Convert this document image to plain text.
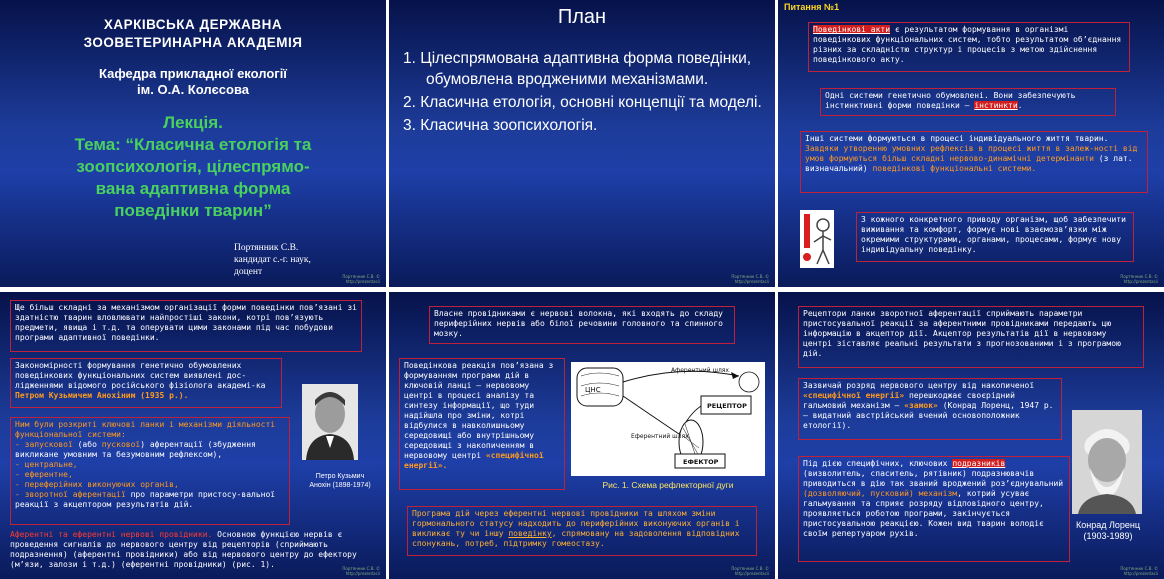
ХАРКІВСЬКА ДЕРЖАВНА
ЗООВЕТЕРИНАРНА АКАДЕМІЯ
Кафедра прикладної екології
ім. О.А. Колєсова
Лекція.
Тема: “Класична етологія та
зоопсихологія, цілеспрямо-
вана адаптивна форма
поведінки тварин”
Портянник С.В.
кандидат с.-г. наук,
доцент	Портянник С.В. ©
http://prezentacii
План
1. Цілеспрямована адаптивна форма поведінки, обумовлена вродженими механізмами.
2. Класична етологія, основні концепції та моделі.
3. Класична зоопсихологія.
Портянник С.В. ©
http://prezentacii
Питання №1
Поведінкові акти є результатом формування в організмі поведінкових функціональних систем, тобто результатом об’єднання різних за складністю структур і процесів з метою здійснення поведінкового акту.
Одні системи генетично обумовлені. Вони забезпечують інстинктивні форми поведінки – інстинкти.
Інші системи формуються в процесі індивідуального життя тварин. Завдяки утворенню умовних рефлексів в процесі життя в залеж-ності від умов формуються більш складні нервово-динамічні детермінанти (з лат. визначальний) поведінкові функціональні системи.
З кожного конкретного приводу організм, щоб забезпечити виживання та комфорт, формує нові взаємозв’язки між окремими структурами, органами, процесами, формує нову індивідуальну поведінку.
Портянник С.В. ©
http://prezentacii
Ще більш складні за механізмом організації форми поведінки пов’язані зі здатністю тварин вловлювати найпростіші закони, котрі пов’язують предмети, явища і т.д. та оперувати цими законами під час побудови програми адаптивної поведінки.
Закономірності формування генетично обумовлених поведінкових функціональних систем виявлені дос-лідженнями відомого російського фізіолога академі-ка Петром Кузьмичем Анохіним (1935 р.).
Ним були розкриті ключові ланки і механізми діяльності функціональної системи:
- запускової (або пускової) аферентації (збудження викликане умовним та безумовним рефлексом),
- центральне,
- еферентне,
- переферійних виконуючих органів,
- зворотної аферентації про параметри пристосу-вальної реакції з акцептором результатів дій.
Петро Кузьмич
Анохін (1898-1974)
Аферентні та еферентні нервові провідники. Основною функцією нервів є проведення сигналів до нервового центру від рецепторів (сприймають подразнення) (аферентні провідники) або від нервового центру до ефектору (м’язи, залози і т.д.) (еферентні провідники) (рис. 1).	Портянник С.В. ©
http://prezentacii
Власне провідниками є нервові волокна, які входять до складу периферійних нервів або білої речовини головного та спинного мозку.
Поведінкова реакція пов’язана з формуванням програми дій в ключовій ланці – нервовому центрі в процесі аналізу та синтезу інформації, що туди надійшла про зміни, котрі відбулися в навколишньому середовищі або внутрішньому середовищі з накопиченням в нервовому центрі «специфічної енергії».
ЦНС
Аферентний шлях
Еферентний шлях
РЕЦЕПТОР
ЕФЕКТОР
Рис. 1. Схема рефлекторної дуги
Програма дій через еферентні нервові провідники та шляхом зміни гормонального статусу надходить до периферійних виконуючих органів і викликає ту чи іншу поведінку, спрямовану на задоволення відповідних спонукань, потреб, підтримку гомеостазу.
Портянник С.В. ©
http://prezentacii
Рецептори ланки зворотної аферентації сприймають параметри пристосувальної реакції за аферентними провідниками передають цю інформацію в акцептор дії. Акцептор результатів дії в нервовому центрі зіставляє реальні результати з прогнозованими і з програмою дій.
Зазвичай розряд нервового центру від накопиченої «специфічної енергії» перешкоджає своєрідний гальмовий механізм – «замок» (Конрад Лоренц, 1947 р. – видатний австрійський вчений основоположник етології).
Під дією специфічних, ключових подразників (визволитель, спаситель, рятівник) подразнювачів приводиться в дію так званий вроджений роз’єднувальний (дозволяючий, пусковий) механізм, котрий усуває гальмування та сприяє розряду відповідного центру, проявляється роботою програми, закінчується пристосувальною реакцією. Кожен вид тварин володіє своїм репертуаром рухів.
Конрад Лоренц
(1903-1989)
Портянник С.В. ©
http://prezentacii
